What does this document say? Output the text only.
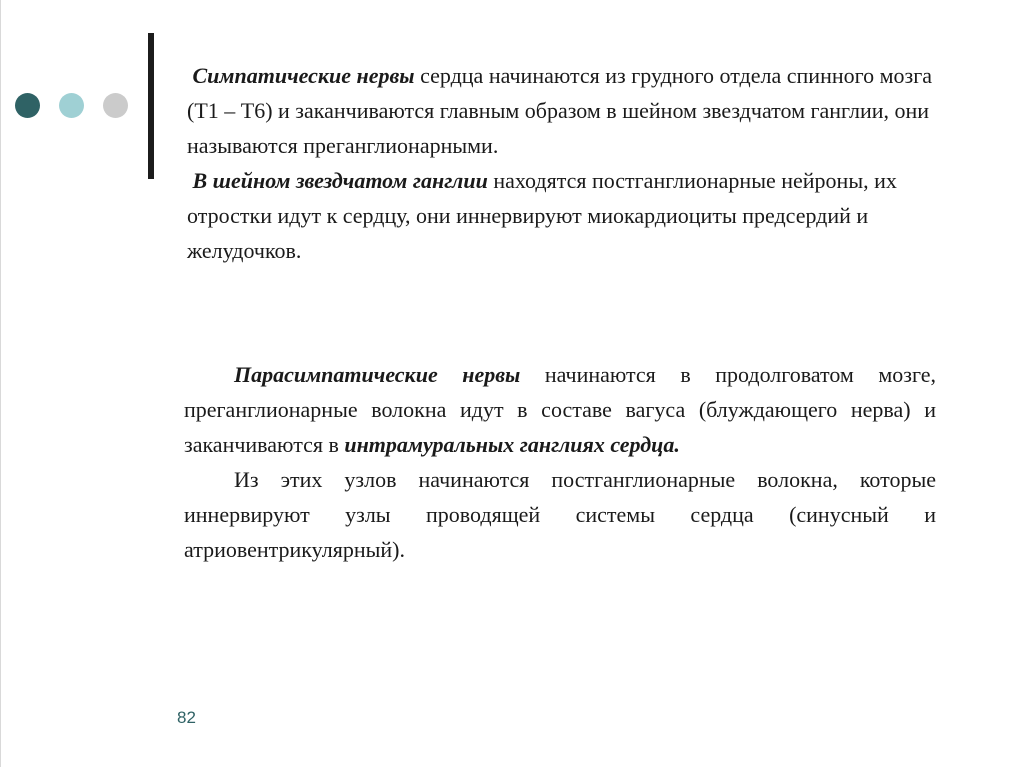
Симпатические нервы сердца начинаются из грудного отдела спинного мозга (Т1 – Т6) и заканчиваются главным образом в шейном звездчатом ганглии, они называются преганглионарными.

В шейном звездчатом ганглии находятся постганглионарные нейроны, их отростки идут к сердцу, они иннервируют миокардиоциты предсердий и желудочков.

Парасимпатические нервы начинаются в продолговатом мозге, преганглионарные волокна идут в составе вагуса (блуждающего нерва) и заканчиваются в интрамуральных ганглиях сердца.

Из этих узлов начинаются постганглионарные волокна, которые иннервируют узлы проводящей системы сердца (синусный и атриовентрикулярный).

82
